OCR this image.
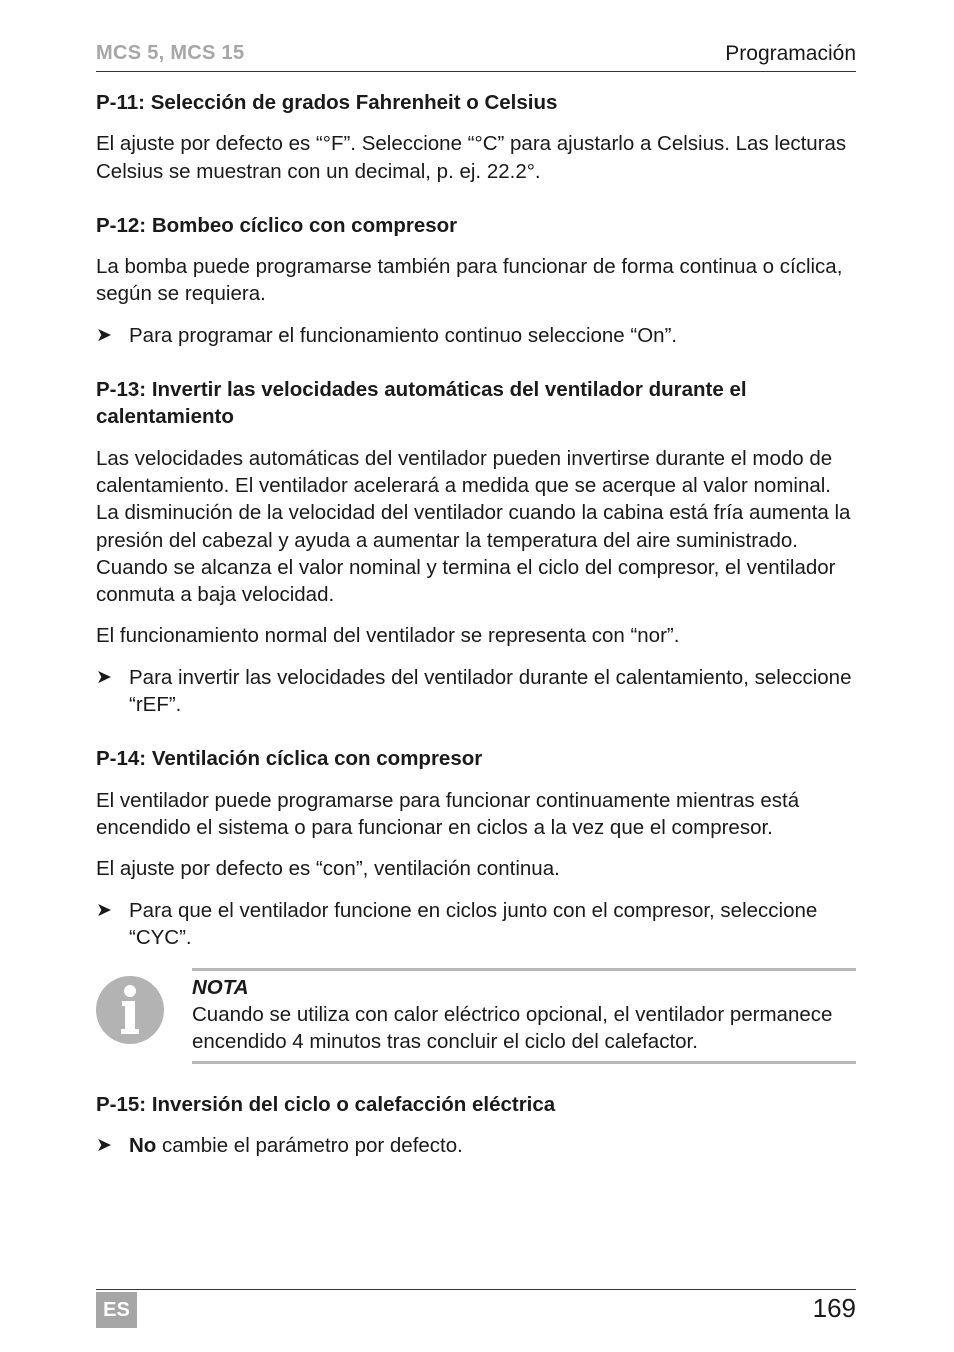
MCS 5, MCS 15	Programación
P-11: Selección de grados Fahrenheit o Celsius

El ajuste por defecto es “°F”. Seleccione “°C” para ajustarlo a Celsius. Las lecturas Celsius se muestran con un decimal, p. ej. 22.2°.

P-12: Bombeo cíclico con compresor

La bomba puede programarse también para funcionar de forma continua o cíclica, según se requiera.

➤ Para programar el funcionamiento continuo seleccione “On”.
P-13: Invertir las velocidades automáticas del ventilador durante el calentamiento

Las velocidades automáticas del ventilador pueden invertirse durante el modo de calentamiento. El ventilador acelerará a medida que se acerque al valor nominal. La disminución de la velocidad del ventilador cuando la cabina está fría aumenta la presión del cabezal y ayuda a aumentar la temperatura del aire suministrado. Cuando se alcanza el valor nominal y termina el ciclo del compresor, el ventilador conmuta a baja velocidad.

El funcionamiento normal del ventilador se representa con “nor”.

➤ Para invertir las velocidades del ventilador durante el calentamiento, seleccione “rEF”.
P-14: Ventilación cíclica con compresor

El ventilador puede programarse para funcionar continuamente mientras está encendido el sistema o para funcionar en ciclos a la vez que el compresor.

El ajuste por defecto es “con”, ventilación continua.

➤ Para que el ventilador funcione en ciclos junto con el compresor, seleccione “CYC”.
NOTA
Cuando se utiliza con calor eléctrico opcional, el ventilador permanece encendido 4 minutos tras concluir el ciclo del calefactor.
P-15: Inversión del ciclo o calefacción eléctrica
➤ No cambie el parámetro por defecto.
ES	169
